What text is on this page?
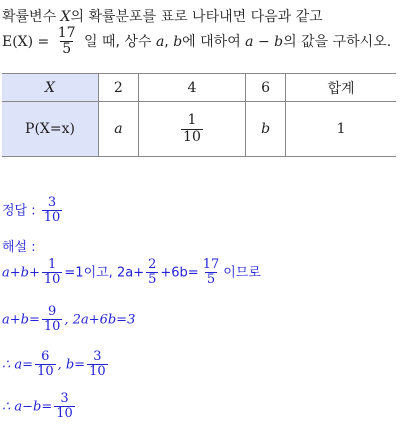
확률변수 X의 확률분포를 표로 나타내면 다음과 같고
$E(X) = \frac{17}{5}$ 일 때, 상수 a, b에 대하여 a − b의 값을 구하시오.
X	2	4	6	합계
P(X=x)	a	$\frac{1}{10}$	b	1
정답 : $\frac{3}{10}$
해설 :
$a+b+ \frac{1}{10} =1$이고, $2a+ \frac{2}{5} +6b= \frac{17}{5}$ 이므로
$a+b= \frac{9}{10}$ , 2a+6b=3
∴ $a= \frac{6}{10}$ , $b= \frac{3}{10}$
∴ $a-b= \frac{3}{10}$
